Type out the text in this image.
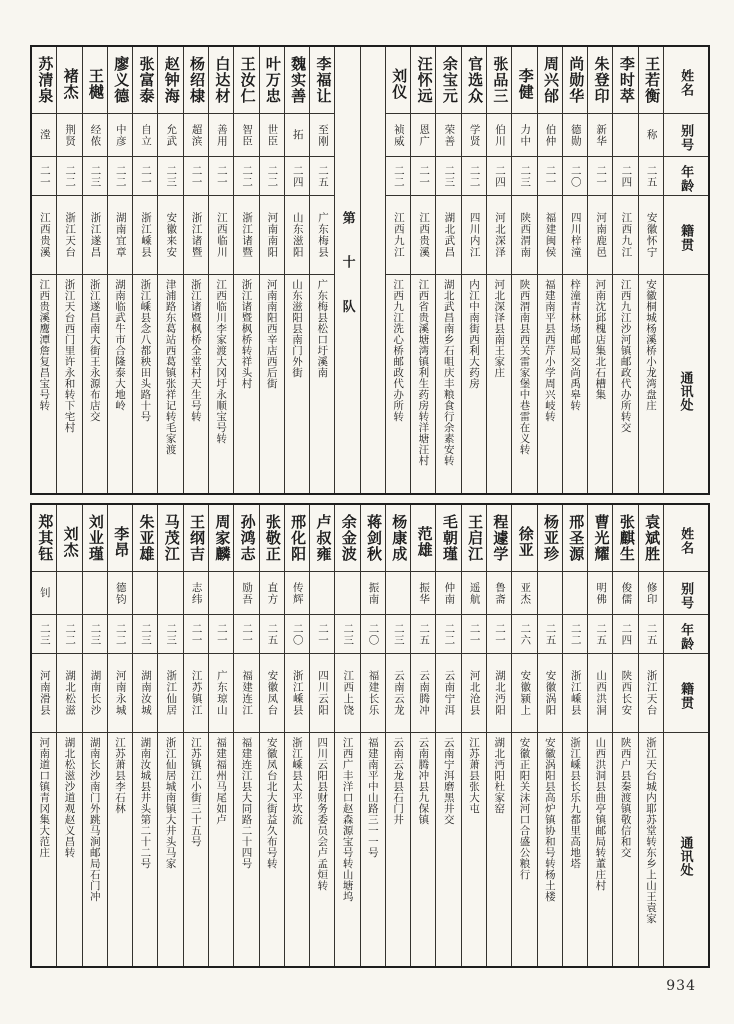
姓名
别号
年龄
籍贯
通讯处
王若衡
称
二五
安徽怀宁
安徽桐城杨溪桥小龙湾盘庄
李时萃
二四
江西九江
江西九江沙河镇邮政代办所转交
朱登印
新华
二一
河南鹿邑
河南沈邱槐店集北石槽集
尚勋华
德勋
二〇
四川梓潼
梓潼青林场邮局交尚禹皋转
周兴邰
伯仲
二一
福建闽侯
福建南平县西芹小学周兴岐转
李健
力中
二三
陕西渭南
陕西渭南县西关雷家堡中巷雷在义转
张品三
伯川
二四
河北深泽
河北深泽县南王家庄
官选众
学贤
二二
四川内江
内江中南街西利大药房
余宝元
荣善
二三
湖北武昌
湖北武昌南乡石咀庆丰粮食行余素安转
汪怀远
恩广
二一
江西贵溪
江西省贵溪塘湾镇利生药房转洋塘汪村
刘仪
祯威
二二
江西九江
江西九江洗心桥邮政代办所转
第十队
李福让
至刚
二五
广东梅县
广东梅县松口圩溪南
魏实善
拓
二四
山东滋阳
山东滋阳县南门外街
叶万忠
世臣
二二
河南南阳
河南南阳西辛店西后街
王汝仁
智臣
二二
浙江诸暨
浙江诸暨枫桥转祥头村
白达材
善用
二一
江西临川
江西临川李家渡大冈圩永顺宝号转
杨绍棣
超滨
二一
浙江诸暨
浙江诸暨枫桥全堂村天生号转
赵钟海
允武
二三
安徽来安
津浦路东葛站西葛镇张祥记转毛家渡
张富泰
自立
二一
浙江嵊县
浙江嵊县念八都秧田头路十号
廖义德
中彦
二二
湖南宜章
湖南临武牛市合隆泰大地岭
王樾
经侬
二三
浙江遂昌
浙江遂昌南大街王永源布店交
褚杰
荆贤
二二
浙江天台
浙江天台西门里许永和转下宅村
苏清泉
漟
二一
江西贵溪
江西贵溪鹰潭詹复昌宝号转
姓名
别号
年龄
籍贯
通讯处
袁斌胜
修印
二五
浙江天台
浙江天台城内耶苏堂转东乡上山王袁家
张麒生
俊儒
二四
陕西长安
陕西户县秦渡镇敬信和交
曹光耀
明佛
二五
山西洪洞
山西洪洞县曲亭镇邮局转董庄村
邢圣源
二二
浙江嵊县
浙江嵊县长乐九都里高地塔
杨亚珍
二五
安徽涡阳
安徽涡阳县高炉镇协和号转杨土楼
徐亚
亚杰
二六
安徽颍上
安徽正阳关沫河口合盛公粮行
程遽学
鲁斋
二一
湖北沔阳
湖北沔阳杜家窑
王启江
遥航
二一
河北沧县
江苏萧县张大屯
毛朝瑾
仲南
二二
云南宁洱
云南宁洱磨黑井交
范雄
振华
二五
云南腾冲
云南腾冲县九保镇
杨康成
二三
云南云龙
云南云龙县石门井
蒋剑秋
振南
二〇
福建长乐
福建南平中山路三一一号
余金波
二三
江西上饶
江西广丰洋口赵森源宝号转山塘坞
卢叔雍
二一
四川云阳
四川云阳县财务委员会卢孟烜转
邢化阳
传辉
二〇
浙江嵊县
浙江嵊县太平坎流
张敬正
直方
二五
安徽凤台
安徽凤台北大街益久布号转
孙鸿志
励吾
二一
福建连江
福建连江县大同路二十四号
周家麟
二一
广东琼山
福建福州马尾如卢
王纲吉
志纬
二一
江苏镇江
江苏镇江小街三十五号
马茂江
二三
浙江仙居
浙江仙居城南镇大井头马家
朱亚雄
二三
湖南汝城
湖南汝城县井头第二十二号
李昂
德钧
二二
河南永城
江苏萧县李石林
刘业瑾
二三
湖南长沙
湖南长沙南门外跳马涧邮局石门冲
刘杰
二二
湖北松滋
湖北松滋沙道观赵义昌转
郑其钰
钊
二三
河南滑县
河南道口镇青冈集大范庄
934
